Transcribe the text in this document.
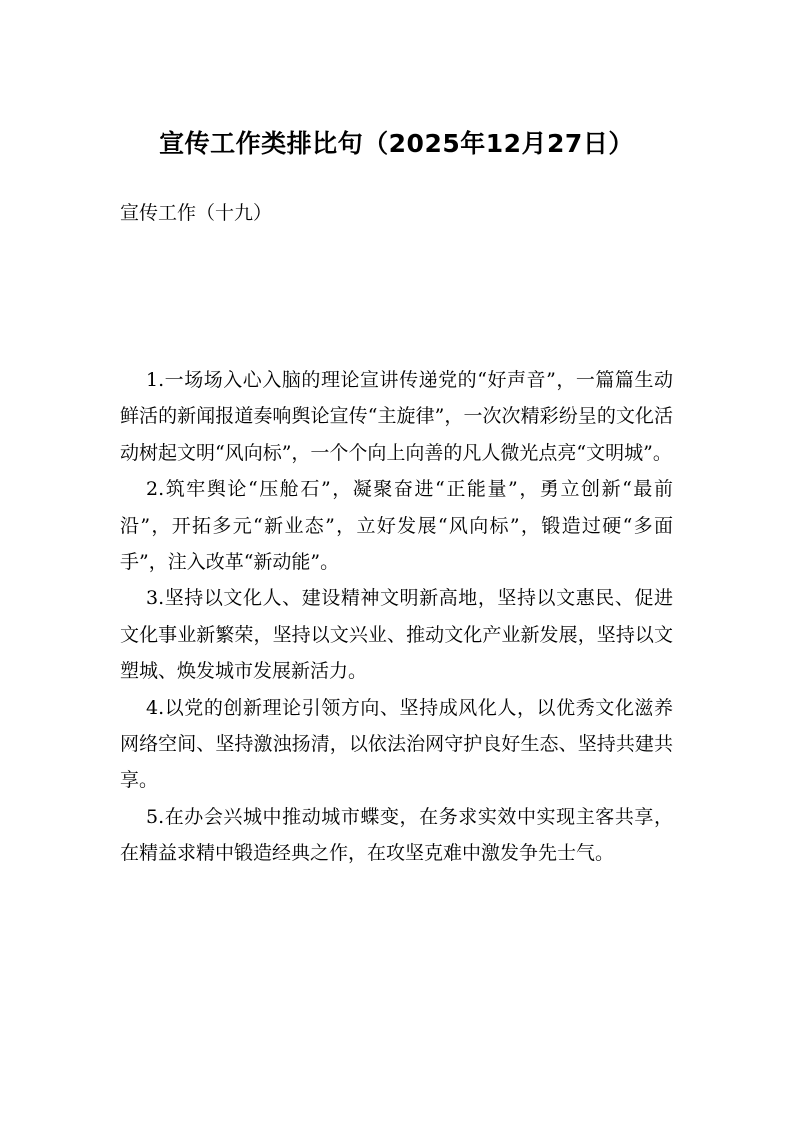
宣传工作类排比句（2025年12月27日）
宣传工作（十九）

1.一场场入心入脑的理论宣讲传递党的“好声音”，一篇篇生动鲜活的新闻报道奏响舆论宣传“主旋律”，一次次精彩纷呈的文化活动树起文明“风向标”，一个个向上向善的凡人微光点亮“文明城”。

2.筑牢舆论“压舱石”，凝聚奋进“正能量”，勇立创新“最前沿”，开拓多元“新业态”，立好发展“风向标”，锻造过硬“多面手”，注入改革“新动能”。

3.坚持以文化人、建设精神文明新高地，坚持以文惠民、促进文化事业新繁荣，坚持以文兴业、推动文化产业新发展，坚持以文塑城、焕发城市发展新活力。

4.以党的创新理论引领方向、坚持成风化人，以优秀文化滋养网络空间、坚持激浊扬清，以依法治网守护良好生态、坚持共建共享。

5.在办会兴城中推动城市蝶变，在务求实效中实现主客共享，在精益求精中锻造经典之作，在攻坚克难中激发争先士气。
